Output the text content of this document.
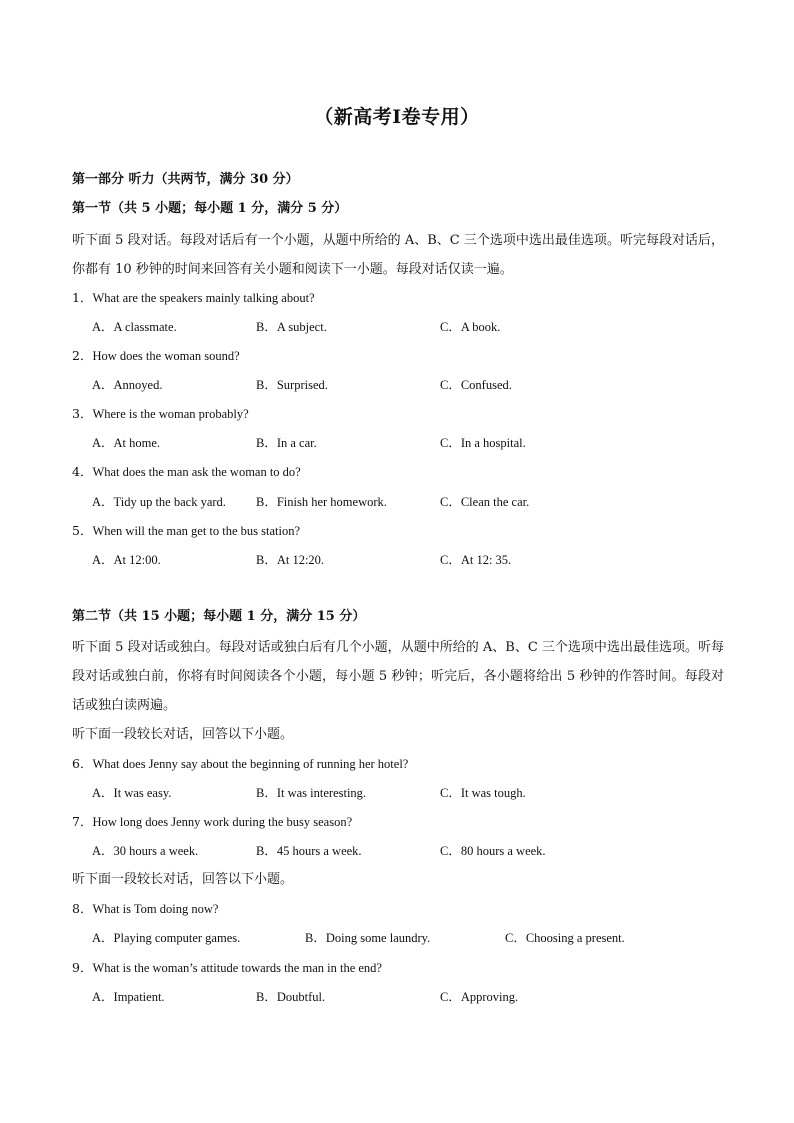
（新高考I卷专用）
第一部分 听力（共两节，满分 30 分）
第一节（共 5 小题；每小题 1 分，满分 5 分）
听下面 5 段对话。每段对话后有一个小题，从题中所给的 A、B、C 三个选项中选出最佳选项。听完每段对话后，你都有 10 秒钟的时间来回答有关小题和阅读下一小题。每段对话仅读一遍。
1．What are the speakers mainly talking about?
A．A classmate.	B．A subject.	C．A book.
2．How does the woman sound?
A．Annoyed.	B．Surprised.	C．Confused.
3．Where is the woman probably?
A．At home.	B．In a car.	C．In a hospital.
4．What does the man ask the woman to do?
A．Tidy up the back yard. B．Finish her homework.	C．Clean the car.
5．When will the man get to the bus station?
A．At 12:00.	B．At 12:20.	C．At 12: 35.
第二节（共 15 小题；每小题 1 分，满分 15 分）
听下面 5 段对话或独白。每段对话或独白后有几个小题，从题中所给的 A、B、C 三个选项中选出最佳选项。听每段对话或独白前，你将有时间阅读各个小题，每小题 5 秒钟；听完后，各小题将给出 5 秒钟的作答时间。每段对话或独白读两遍。
听下面一段较长对话，回答以下小题。
6．What does Jenny say about the beginning of running her hotel?
A．It was easy.	B．It was interesting.	C．It was tough.
7．How long does Jenny work during the busy season?
A．30 hours a week.	B．45 hours a week.	C．80 hours a week.
听下面一段较长对话，回答以下小题。
8．What is Tom doing now?
A．Playing computer games.	B．Doing some laundry.	C．Choosing a present.
9．What is the woman’s attitude towards the man in the end?
A．Impatient.	B．Doubtful.	C．Approving.
